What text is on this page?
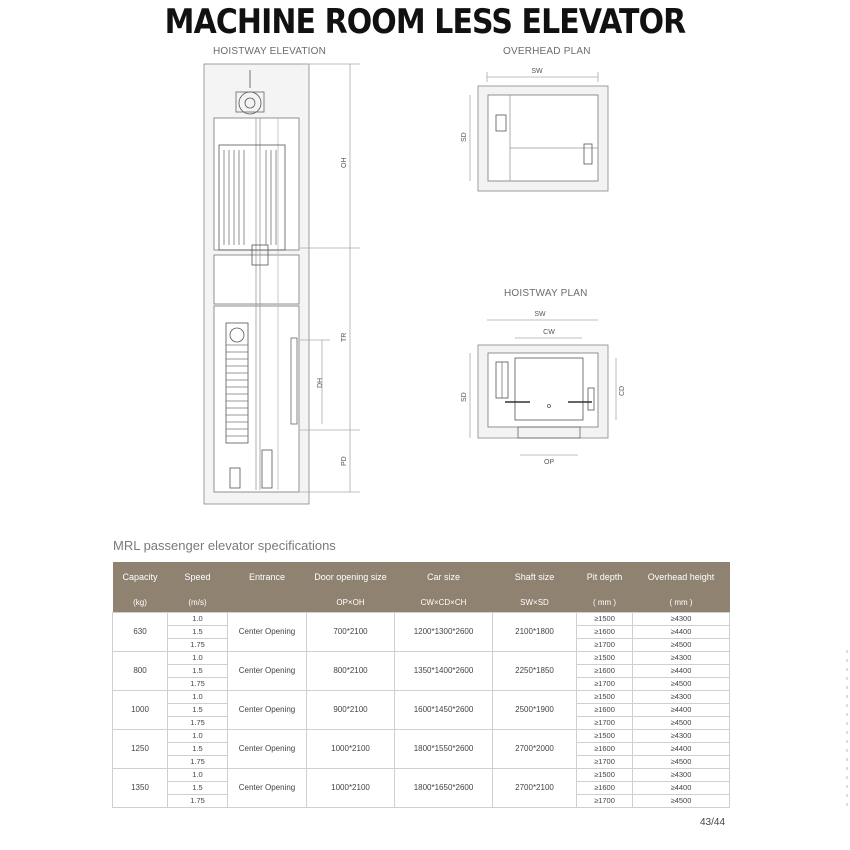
MACHINE ROOM LESS ELEVATOR
HOISTWAY ELEVATION	OVERHEAD PLAN
HOISTWAY PLAN
OH
TR
DH
PD
SW
SD
SW
CW
SD
CD
OP
MRL passenger elevator specifications
Capacity	Speed	Entrance	Door opening size	Car size	Shaft size	Pit depth	Overhead height
(kg)	(m/s)		OP×OH	CW×CD×CH	SW×SD	( mm )	( mm )
630	1.0	Center Opening	700*2100	1200*1300*2600	2100*1800	≥1500	≥4300
	1.5					≥1600	≥4400
	1.75					≥1700	≥4500
800	1.0	Center Opening	800*2100	1350*1400*2600	2250*1850	≥1500	≥4300
	1.5					≥1600	≥4400
	1.75					≥1700	≥4500
1000	1.0	Center Opening	900*2100	1600*1450*2600	2500*1900	≥1500	≥4300
	1.5					≥1600	≥4400
	1.75					≥1700	≥4500
1250	1.0	Center Opening	1000*2100	1800*1550*2600	2700*2000	≥1500	≥4300
	1.5					≥1600	≥4400
	1.75					≥1700	≥4500
1350	1.0	Center Opening	1000*2100	1800*1650*2600	2700*2100	≥1500	≥4300
	1.5					≥1600	≥4400
	1.75					≥1700	≥4500
43/44
